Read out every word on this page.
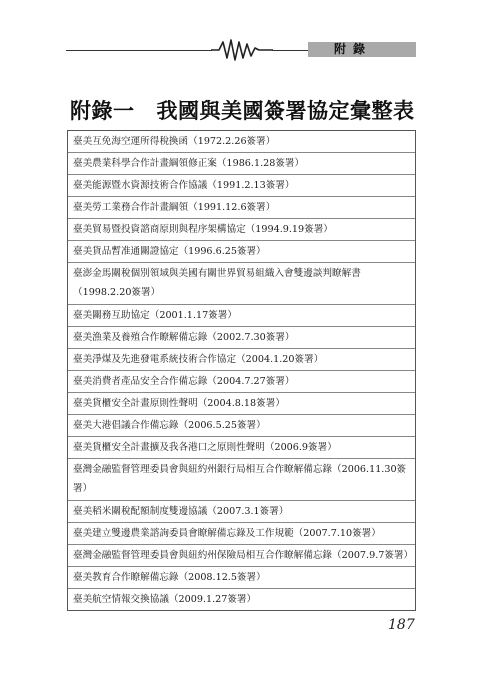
附錄
附錄一 我國與美國簽署協定彙整表
臺美互免海空運所得稅換函（1972.2.26簽署）
臺美農業科學合作計畫綱領修正案（1986.1.28簽署）
臺美能源暨水資源技術合作協議（1991.2.13簽署）
臺美勞工業務合作計畫綱領（1991.12.6簽署）
臺美貿易暨投資諮商原則與程序架構協定（1994.9.19簽署）
臺美貨品暫准通關證協定（1996.6.25簽署）
臺澎金馬關稅個別領域與美國有關世界貿易組織入會雙邊談判瞭解書（1998.2.20簽署）
臺美關務互助協定（2001.1.17簽署）
臺美漁業及養殖合作瞭解備忘錄（2002.7.30簽署）
臺美淨煤及先進發電系統技術合作協定（2004.1.20簽署）
臺美消費者產品安全合作備忘錄（2004.7.27簽署）
臺美貨櫃安全計畫原則性聲明（2004.8.18簽署）
臺美大港倡議合作備忘錄（2006.5.25簽署）
臺美貨櫃安全計畫擴及我各港口之原則性聲明（2006.9簽署）
臺灣金融監督管理委員會與紐約州銀行局相互合作瞭解備忘錄（2006.11.30簽署）
臺美稻米關稅配額制度雙邊協議（2007.3.1簽署）
臺美建立雙邊農業諮詢委員會瞭解備忘錄及工作規範（2007.7.10簽署）
臺灣金融監督管理委員會與紐約州保險局相互合作瞭解備忘錄（2007.9.7簽署）
臺美教育合作瞭解備忘錄（2008.12.5簽署）
臺美航空情報交換協議（2009.1.27簽署）
187
